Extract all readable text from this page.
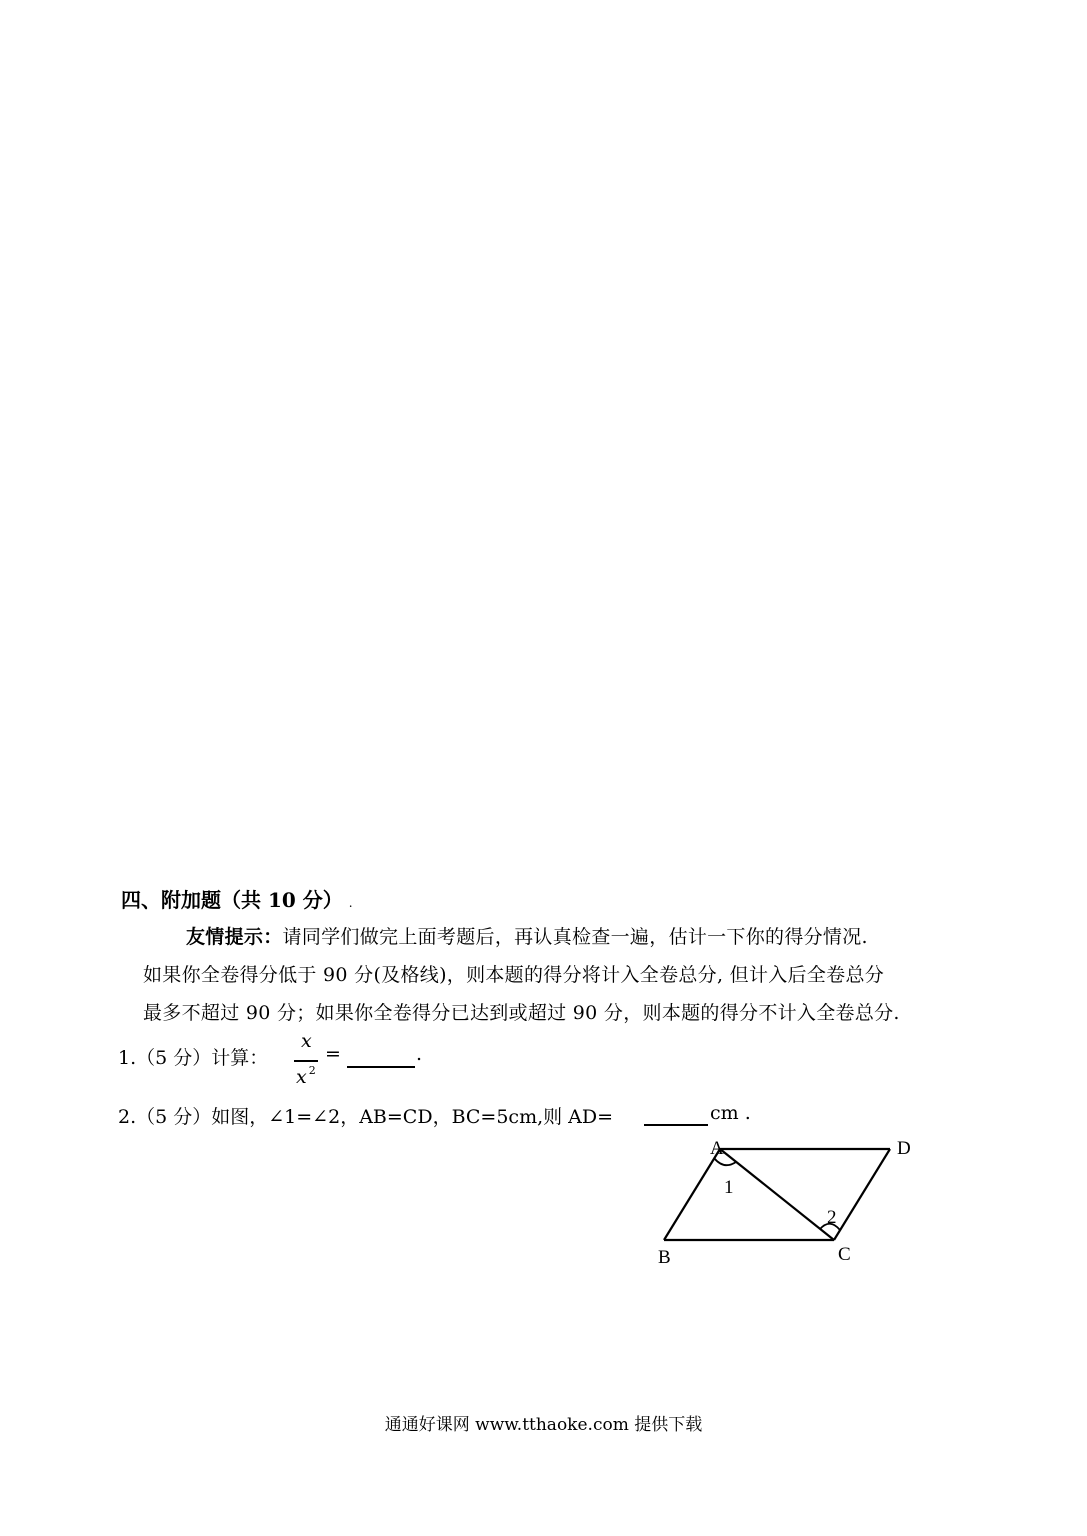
四、附加题（共 10 分） .
友情提示：请同学们做完上面考题后，再认真检查一遍，估计一下你的得分情况.
如果你全卷得分低于 90 分(及格线)，则本题的得分将计入全卷总分, 但计入后全卷总分
最多不超过 90 分；如果你全卷得分已达到或超过 90 分，则本题的得分不计入全卷总分.
1.（5 分）计算：
x
x $^2$
=	.
2.（5 分）如图，∠1=∠2，AB=CD，BC=5cm,则 AD=	cm .
A
B	C
D
1
2
通通好课网 www.tthaoke.com 提供下载
